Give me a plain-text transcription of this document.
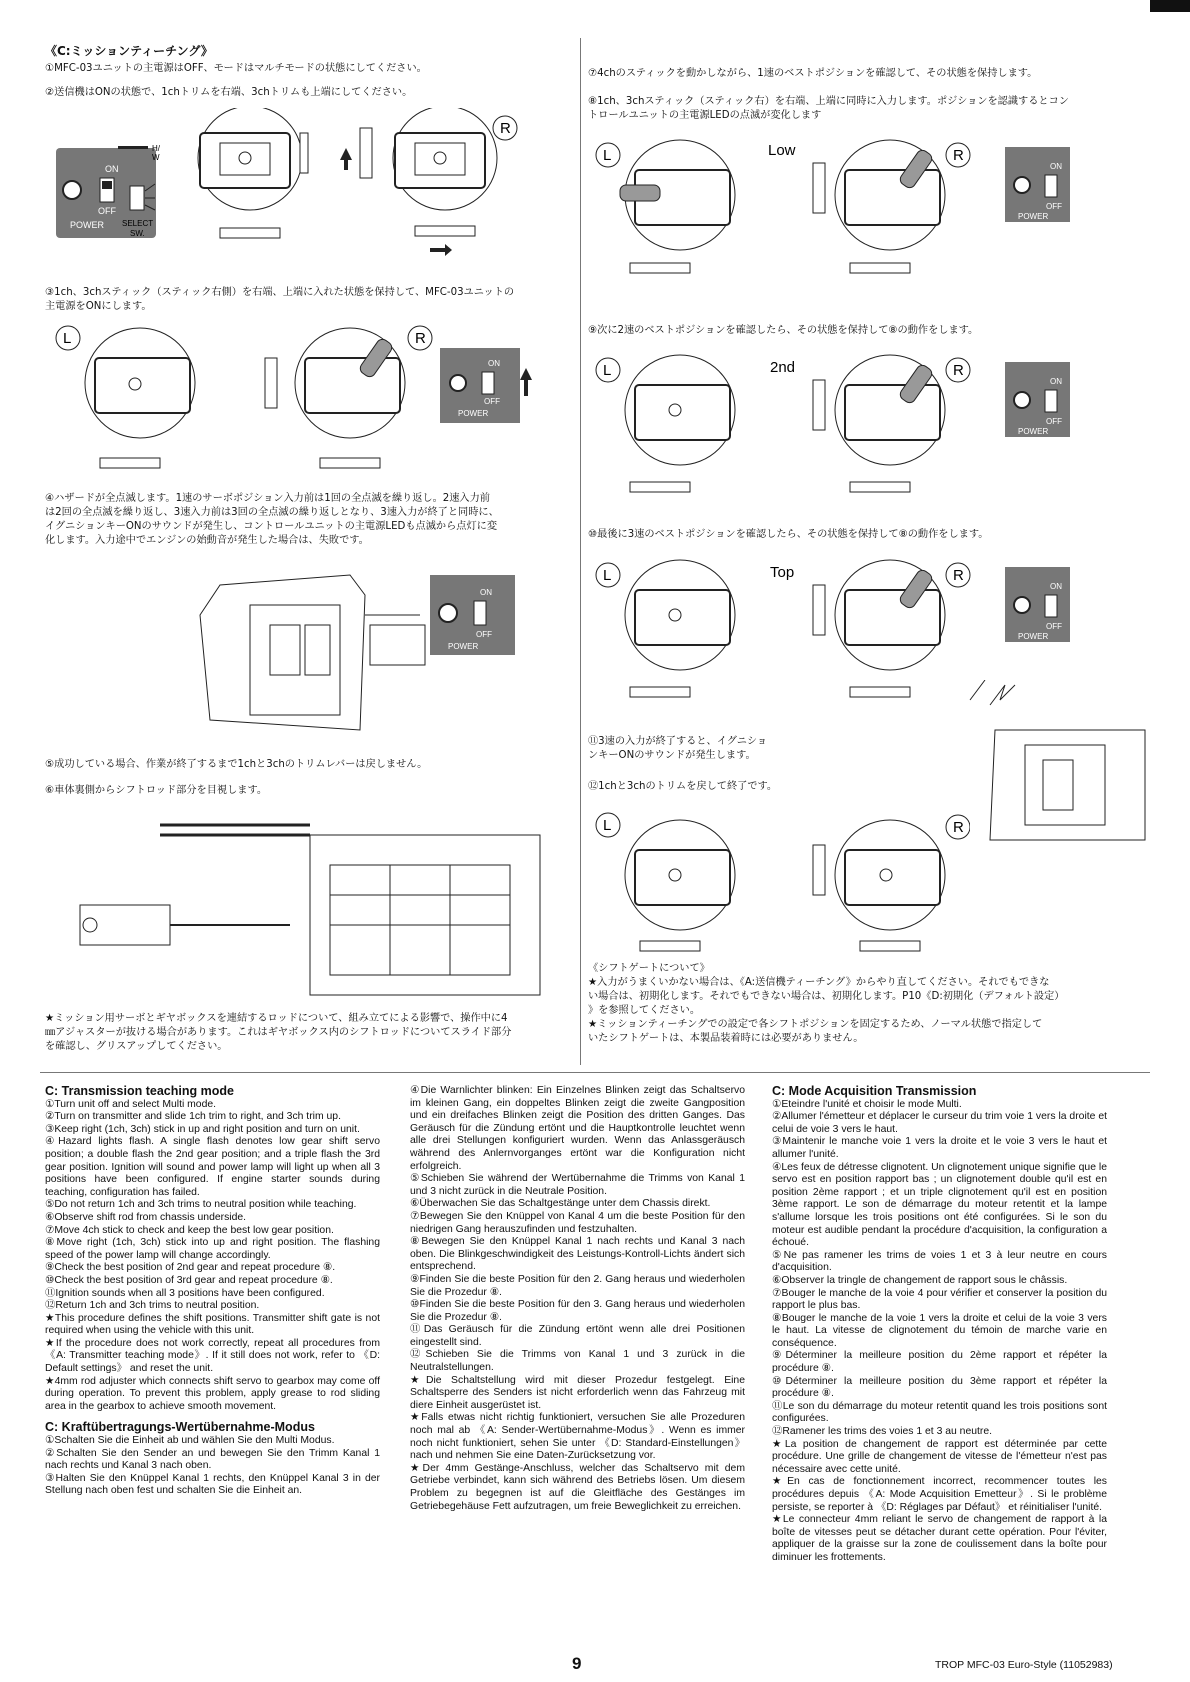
《C:ミッションティーチング》
①MFC-03ユニットの主電源はOFF、モードはマルチモードの状態にしてください。
②送信機はONの状態で、1chトリムを右端、3chトリムも上端にしてください。
ON
OFF
POWER
H/
W
SELECT
SW.
R
③1ch、3chスティック（スティック右側）を右端、上端に入れた状態を保持して、MFC-03ユニットの
主電源をONにします。
L	R
ON
OFF
POWER
④ハザードが全点滅します。1速のサーボポジション入力前は1回の全点滅を繰り返し。2速入力前
は2回の全点滅を繰り返し、3速入力前は3回の全点滅の繰り返しとなり、3速入力が終了と同時に、
イグニションキーONのサウンドが発生し、コントロールユニットの主電源LEDも点滅から点灯に変
化します。入力途中でエンジンの始動音が発生した場合は、失敗です。
ON
OFF
POWER
⑤成功している場合、作業が終了するまで1chと3chのトリムレバーは戻しません。
⑥車体裏側からシフトロッド部分を目視します。
★ミッション用サーボとギヤボックスを連結するロッドについて、組み立てによる影響で、操作中に4
㎜アジャスターが抜ける場合があります。これはギヤボックス内のシフトロッドについてスライド部分
を確認し、グリスアップしてください。
⑦4chのスティックを動かしながら、1速のベストポジションを確認して、その状態を保持します。
⑧1ch、3chスティック（スティック右）を右端、上端に同時に入力します。ポジションを認識するとコン
トロールユニットの主電源LEDの点滅が変化します
L	Low	R
ON
OFF
POWER
⑨次に2速のベストポジションを確認したら、その状態を保持して⑧の動作をします。
L	2nd	R
ON
OFF
POWER
⑩最後に3速のベストポジションを確認したら、その状態を保持して⑧の動作をします。
L	Top	R
ON
OFF
POWER
⑪3速の入力が終了すると、イグニショ
ンキーONのサウンドが発生します。
⑫1chと3chのトリムを戻して終了です。
L	R
《シフトゲートについて》
★入力がうまくいかない場合は、《A:送信機ティーチング》からやり直してください。それでもできな
い場合は、初期化します。それでもできない場合は、初期化します。P10《D:初期化（デフォルト設定）
》を参照してください。
★ミッションティーチングでの設定で各シフトポジションを固定するため、ノーマル状態で指定して
いたシフトゲートは、本製品装着時には必要がありません。
C: Transmission teaching mode

①Turn unit off and select Multi mode.

②Turn on transmitter and slide 1ch trim to right, and 3ch trim up.

③Keep right (1ch, 3ch) stick in up and right position and turn on unit.

④Hazard lights flash. A single flash denotes low gear shift servo position; a double flash the 2nd gear position; and a triple flash the 3rd gear position. Ignition will sound and power lamp will light up when all 3 positions have been configured. If engine starter sounds during teaching, configuration has failed.

⑤Do not return 1ch and 3ch trims to neutral position while teaching.

⑥Observe shift rod from chassis underside.

⑦Move 4ch stick to check and keep the best low gear position.

⑧Move right (1ch, 3ch) stick into up and right position. The flashing speed of the power lamp will change accordingly.

⑨Check the best position of 2nd gear and repeat procedure ⑧.

⑩Check the best position of 3rd gear and repeat procedure ⑧.

⑪Ignition sounds when all 3 positions have been configured.

⑫Return 1ch and 3ch trims to neutral position.

★This procedure defines the shift positions. Transmitter shift gate is not required when using the vehicle with this unit.

★If the procedure does not work correctly, repeat all procedures from 《A: Transmitter teaching mode》. If it still does not work, refer to 《D: Default settings》 and reset the unit.

★4mm rod adjuster which connects shift servo to gearbox may come off during operation. To prevent this problem, apply grease to rod sliding area in the gearbox to achieve smooth movement.

C: Kraftübertragungs-Wertübernahme-Modus

①Schalten Sie die Einheit ab und wählen Sie den Multi Modus.

②Schalten Sie den Sender an und bewegen Sie den Trimm Kanal 1 nach rechts und Kanal 3 nach oben.

③Halten Sie den Knüppel Kanal 1 rechts, den Knüppel Kanal 3 in der Stellung nach oben fest und schalten Sie die Einheit an.

④Die Warnlichter blinken: Ein Einzelnes Blinken zeigt das Schaltservo im kleinen Gang, ein doppeltes Blinken zeigt die zweite Gangposition und ein dreifaches Blinken zeigt die Position des dritten Ganges. Das Geräusch für die Zündung ertönt und die Hauptkontrolle leuchtet wenn alle drei Stellungen konfiguriert wurden. Wenn das Anlassgeräusch während des Anlernvorganges ertönt war die Konfiguration nicht erfolgreich.

⑤Schieben Sie während der Wertübernahme die Trimms von Kanal 1 und 3 nicht zurück in die Neutrale Position.

⑥Überwachen Sie das Schaltgestänge unter dem Chassis direkt.

⑦Bewegen Sie den Knüppel von Kanal 4 um die beste Position für den niedrigen Gang herauszufinden und festzuhalten.

⑧Bewegen Sie den Knüppel Kanal 1 nach rechts und Kanal 3 nach oben. Die Blinkgeschwindigkeit des Leistungs-Kontroll-Lichts ändert sich entsprechend.

⑨Finden Sie die beste Position für den 2. Gang heraus und wiederholen Sie die Prozedur ⑧.

⑩Finden Sie die beste Position für den 3. Gang heraus und wiederholen Sie die Prozedur ⑧.

⑪Das Geräusch für die Zündung ertönt wenn alle drei Positionen eingestellt sind.

⑫Schieben Sie die Trimms von Kanal 1 und 3 zurück in die Neutralstellungen.

★Die Schaltstellung wird mit dieser Prozedur festgelegt. Eine Schaltsperre des Senders ist nicht erforderlich wenn das Fahrzeug mit diere Einheit ausgerüstet ist.

★Falls etwas nicht richtig funktioniert, versuchen Sie alle Prozeduren noch mal ab 《A: Sender-Wertübernahme-Modus》. Wenn es immer noch nicht funktioniert, sehen Sie unter 《D: Standard-Einstellungen》 nach und nehmen Sie eine Daten-Zurücksetzung vor.

★Der 4mm Gestänge-Anschluss, welcher das Schaltservo mit dem Getriebe verbindet, kann sich während des Betriebs lösen. Um diesem Problem zu begegnen ist auf die Gleitfläche des Gestänges im Getriebegehäuse Fett aufzutragen, um freie Beweglichkeit zu erreichen.

C: Mode Acquisition Transmission

①Eteindre l'unité et choisir le mode Multi.

②Allumer l'émetteur et déplacer le curseur du trim voie 1 vers la droite et celui de voie 3 vers le haut.

③Maintenir le manche voie 1 vers la droite et le voie 3 vers le haut et allumer l'unité.

④Les feux de détresse clignotent. Un clignotement unique signifie que le servo est en position rapport bas ; un clignotement double qu'il est en position 2ème rapport ; et un triple clignotement qu'il est en position 3ème rapport. Le son de démarrage du moteur retentit et la lampe s'allume lorsque les trois positions ont été configurées. Si le son du moteur est audible pendant la procédure d'acquisition, la configuration a échoué.

⑤Ne pas ramener les trims de voies 1 et 3 à leur neutre en cours d'acquisition.

⑥Observer la tringle de changement de rapport sous le châssis.

⑦Bouger le manche de la voie 4 pour vérifier et conserver la position du rapport le plus bas.

⑧Bouger le manche de la voie 1 vers la droite et celui de la voie 3 vers le haut. La vitesse de clignotement du témoin de marche varie en conséquence.

⑨Déterminer la meilleure position du 2ème rapport et répéter la procédure ⑧.

⑩Déterminer la meilleure position du 3ème rapport et répéter la procédure ⑧.

⑪Le son du démarrage du moteur retentit quand les trois positions sont configurées.

⑫Ramener les trims des voies 1 et 3 au neutre.

★La position de changement de rapport est déterminée par cette procédure. Une grille de changement de vitesse de l'émetteur n'est pas nécessaire avec cette unité.

★En cas de fonctionnement incorrect, recommencer toutes les procédures depuis 《A: Mode Acquisition Emetteur》. Si le problème persiste, se reporter à 《D: Réglages par Défaut》 et réinitialiser l'unité.

★Le connecteur 4mm reliant le servo de changement de rapport à la boîte de vitesses peut se détacher durant cette opération. Pour l'éviter, appliquer de la graisse sur la zone de coulissement dans la boîte pour diminuer les frottements.

9	TROP MFC-03 Euro-Style (11052983)
